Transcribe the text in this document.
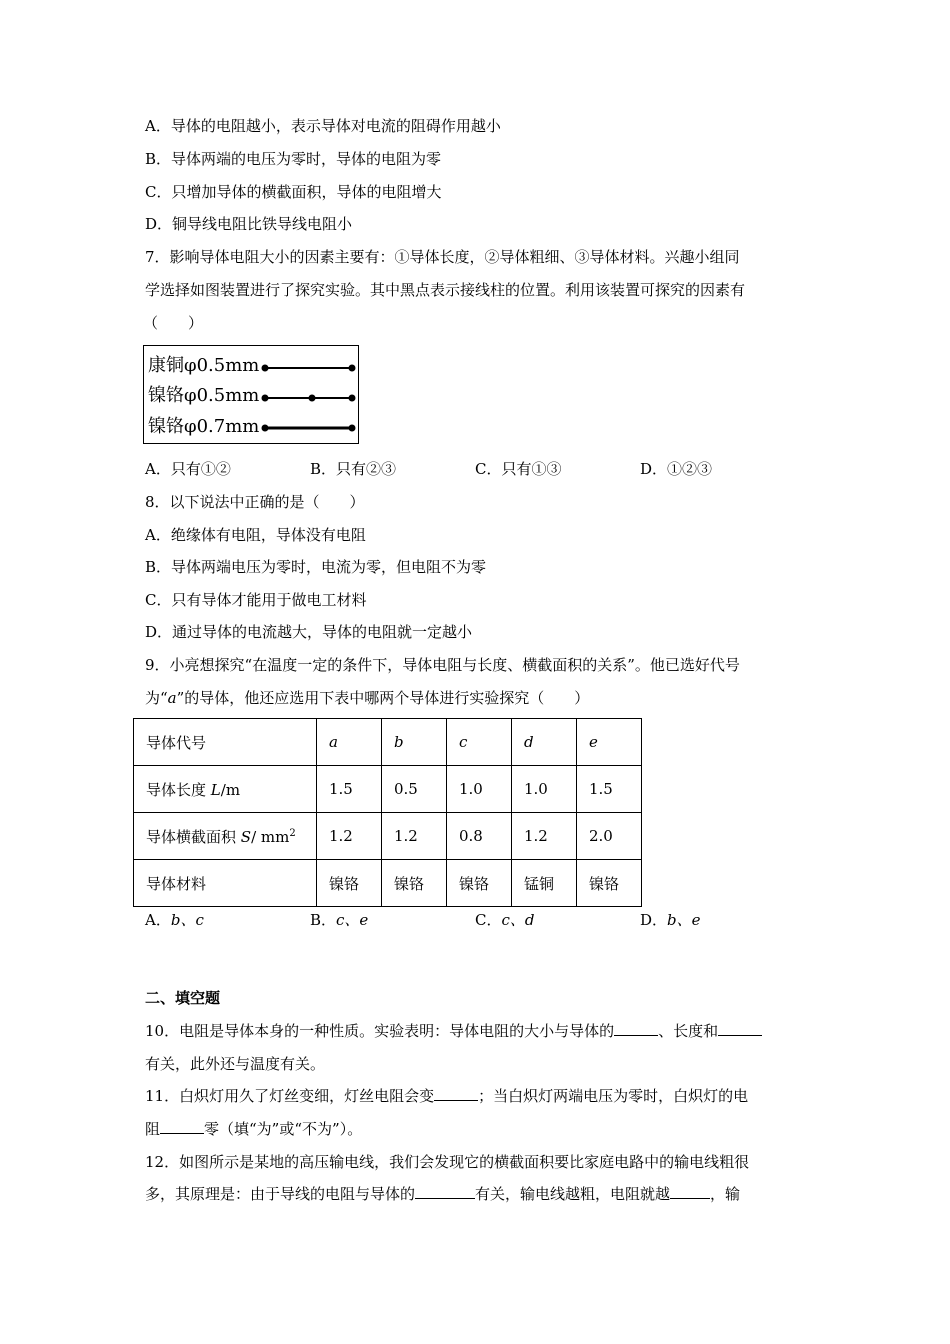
A．导体的电阻越小，表示导体对电流的阻碍作用越小
B．导体两端的电压为零时，导体的电阻为零
C．只增加导体的横截面积，导体的电阻增大
D．铜导线电阻比铁导线电阻小
7．影响导体电阻大小的因素主要有：①导体长度，②导体粗细、③导体材料。兴趣小组同
学选择如图装置进行了探究实验。其中黑点表示接线柱的位置。利用该装置可探究的因素有
（　　）
康铜φ0.5mm
镍铬φ0.5mm
镍铬φ0.7mm
A．只有①②	B．只有②③	C．只有①③	D．①②③
8．以下说法中正确的是（　　）
A．绝缘体有电阻，导体没有电阻
B．导体两端电压为零时，电流为零，但电阻不为零
C．只有导体才能用于做电工材料
D．通过导体的电流越大，导体的电阻就一定越小
9．小亮想探究“在温度一定的条件下，导体电阻与长度、横截面积的关系”。他已选好代号
为“a”的导体，他还应选用下表中哪两个导体进行实验探究（　　）
导体代号	a	b	c	d	e
导体长度 L/m	1.5	0.5	1.0	1.0	1.5
导体横截面积 S/ $mm^2$	1.2	1.2	0.8	1.2	2.0
导体材料	镍铬	镍铬	镍铬	锰铜	镍铬
A．b、c	B．c、e	C．c、d	D．b、e
二、填空题
10．电阻是导体本身的一种性质。实验表明：导体电阻的大小与导体的	、长度和
有关，此外还与温度有关。
11．白炽灯用久了灯丝变细，灯丝电阻会变	；当白炽灯两端电压为零时，白炽灯的电
阻	零（填“为”或“不为”）。
12．如图所示是某地的高压输电线，我们会发现它的横截面积要比家庭电路中的输电线粗很
多，其原理是：由于导线的电阻与导体的	有关，输电线越粗，电阻就越	，输
